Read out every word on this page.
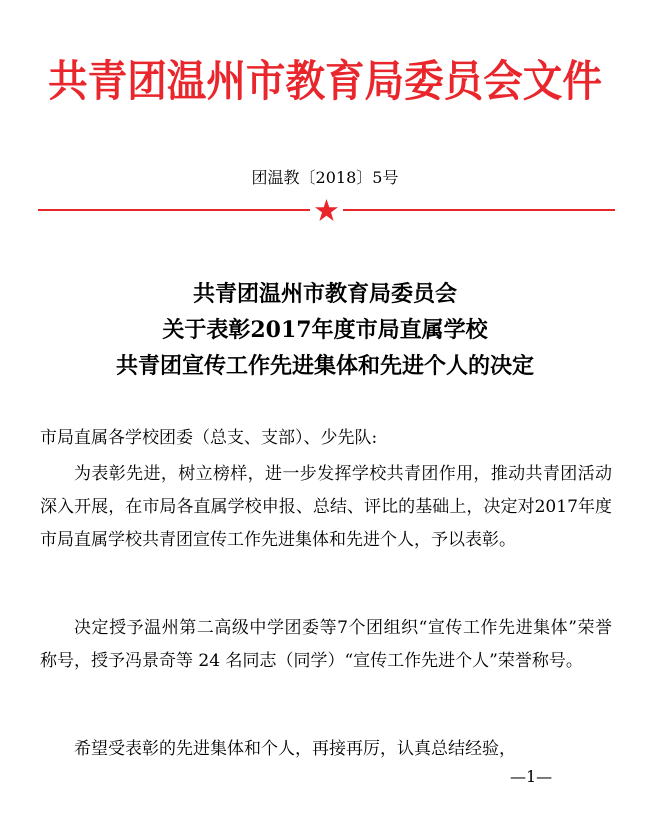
共青团温州市教育局委员会文件
团温教〔2018〕5号
共青团温州市教育局委员会
关于表彰2017年度市局直属学校
共青团宣传工作先进集体和先进个人的决定
市局直属各学校团委（总支、支部）、少先队:
为表彰先进，树立榜样，进一步发挥学校共青团作用，推动共青团活动深入开展，在市局各直属学校申报、总结、评比的基础上，决定对2017年度市局直属学校共青团宣传工作先进集体和先进个人，予以表彰。
决定授予温州第二高级中学团委等7个团组织“宣传工作先进集体”荣誉称号，授予冯景奇等 24 名同志（同学）“宣传工作先进个人”荣誉称号。
希望受表彰的先进集体和个人，再接再厉，认真总结经验，
—1—
